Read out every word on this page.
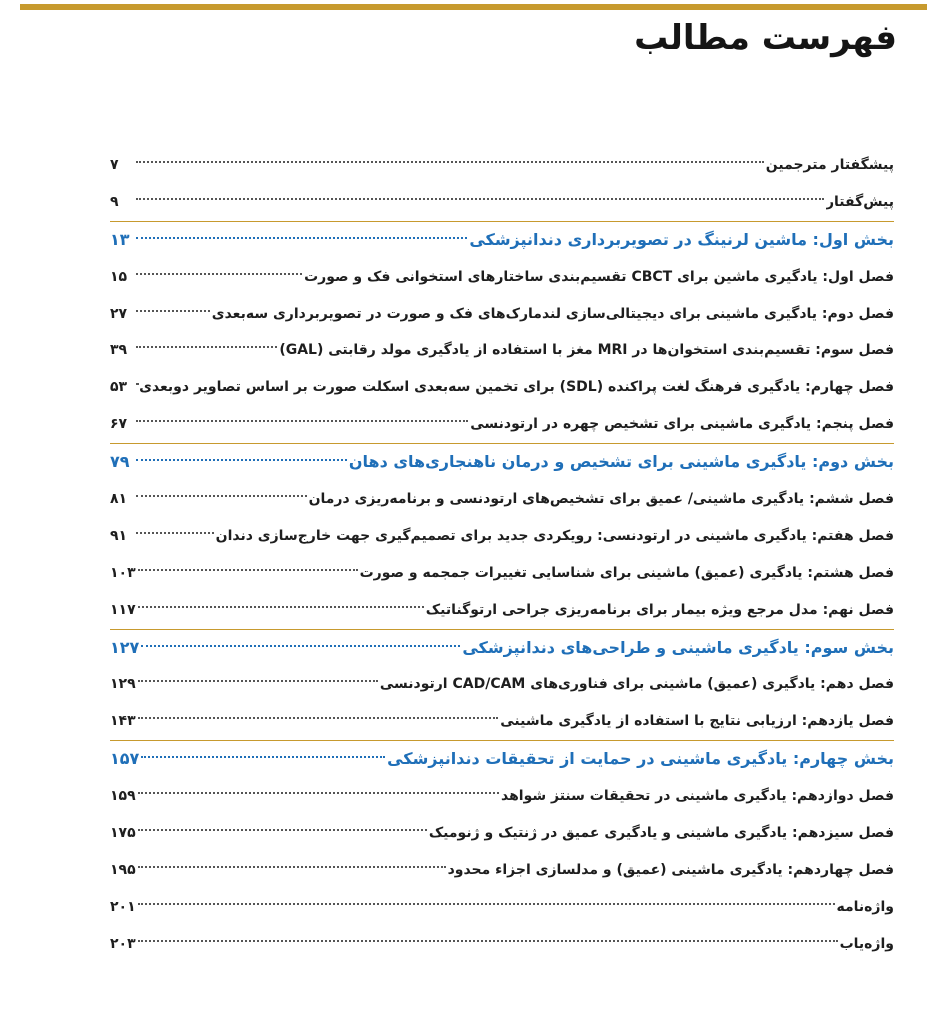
فهرست مطالب
پیشگفتار مترجمین
۷
پیش‌گفتار
۹
بخش اول: ماشین لرنینگ در تصویربرداری دندانپزشکی
۱۳
فصل اول: یادگیری ماشین برای CBCT تقسیم‌بندی ساختارهای استخوانی فک و صورت
۱۵
فصل دوم: یادگیری ماشینی برای دیجیتالی‌سازی لندمارک‌های فک و صورت در تصویربرداری سه‌بعدی
۲۷
فصل سوم: تقسیم‌بندی استخوان‌ها در MRI مغز با استفاده از یادگیری مولد رقابتی (GAL)
۳۹
فصل چهارم: یادگیری فرهنگ لغت پراکنده (SDL) برای تخمین سه‌بعدی اسکلت صورت بر اساس تصاویر دوبعدی
۵۳
فصل پنجم: یادگیری ماشینی برای تشخیص چهره در ارتودنسی
۶۷
بخش دوم: یادگیری ماشینی برای تشخیص و درمان ناهنجاری‌های دهان
۷۹
فصل ششم: یادگیری ماشینی/ عمیق برای تشخیص‌های ارتودنسی و برنامه‌ریزی درمان
۸۱
فصل هفتم: یادگیری ماشینی در ارتودنسی: رویکردی جدید برای تصمیم‌گیری جهت خارج‌سازی دندان
۹۱
فصل هشتم: یادگیری (عمیق) ماشینی برای شناسایی تغییرات جمجمه و صورت
۱۰۳
فصل نهم: مدل مرجع ویژه بیمار برای برنامه‌ریزی جراحی ارتوگناتیک
۱۱۷
بخش سوم: یادگیری ماشینی و طراحی‌های دندانپزشکی
۱۲۷
فصل دهم: یادگیری (عمیق) ماشینی برای فناوری‌های CAD/CAM ارتودنسی
۱۲۹
فصل یازدهم: ارزیابی نتایج با استفاده از یادگیری ماشینی
۱۴۳
بخش چهارم: یادگیری ماشینی در حمایت از تحقیقات دندانپزشکی
۱۵۷
فصل دوازدهم: یادگیری ماشینی در تحقیقات سنتز شواهد
۱۵۹
فصل سیزدهم: یادگیری ماشینی و یادگیری عمیق در ژنتیک و ژنومیک
۱۷۵
فصل چهاردهم: یادگیری ماشینی (عمیق) و مدلسازی اجزاء محدود
۱۹۵
واژه‌نامه
۲۰۱
واژه‌یاب
۲۰۳
